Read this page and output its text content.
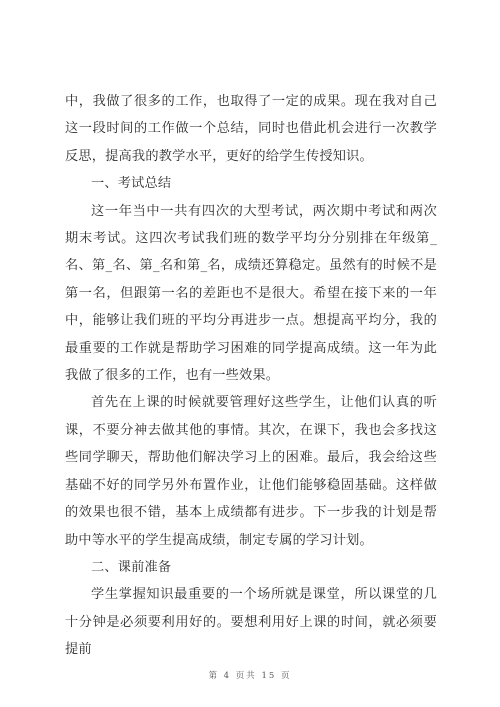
中，我做了很多的工作，也取得了一定的成果。现在我对自己这一段时间的工作做一个总结，同时也借此机会进行一次教学反思，提高我的教学水平，更好的给学生传授知识。

一、考试总结

这一年当中一共有四次的大型考试，两次期中考试和两次期末考试。这四次考试我们班的数学平均分分别排在年级第_名、第_名、第_名和第_名，成绩还算稳定。虽然有的时候不是第一名，但跟第一名的差距也不是很大。希望在接下来的一年中，能够让我们班的平均分再进步一点。想提高平均分，我的最重要的工作就是帮助学习困难的同学提高成绩。这一年为此我做了很多的工作，也有一些效果。

首先在上课的时候就要管理好这些学生，让他们认真的听课，不要分神去做其他的事情。其次，在课下，我也会多找这些同学聊天，帮助他们解决学习上的困难。最后，我会给这些基础不好的同学另外布置作业，让他们能够稳固基础。这样做的效果也很不错，基本上成绩都有进步。下一步我的计划是帮助中等水平的学生提高成绩，制定专属的学习计划。

二、课前准备

学生掌握知识最重要的一个场所就是课堂，所以课堂的几十分钟是必须要利用好的。要想利用好上课的时间，就必须要提前

第 4 页共 15 页
